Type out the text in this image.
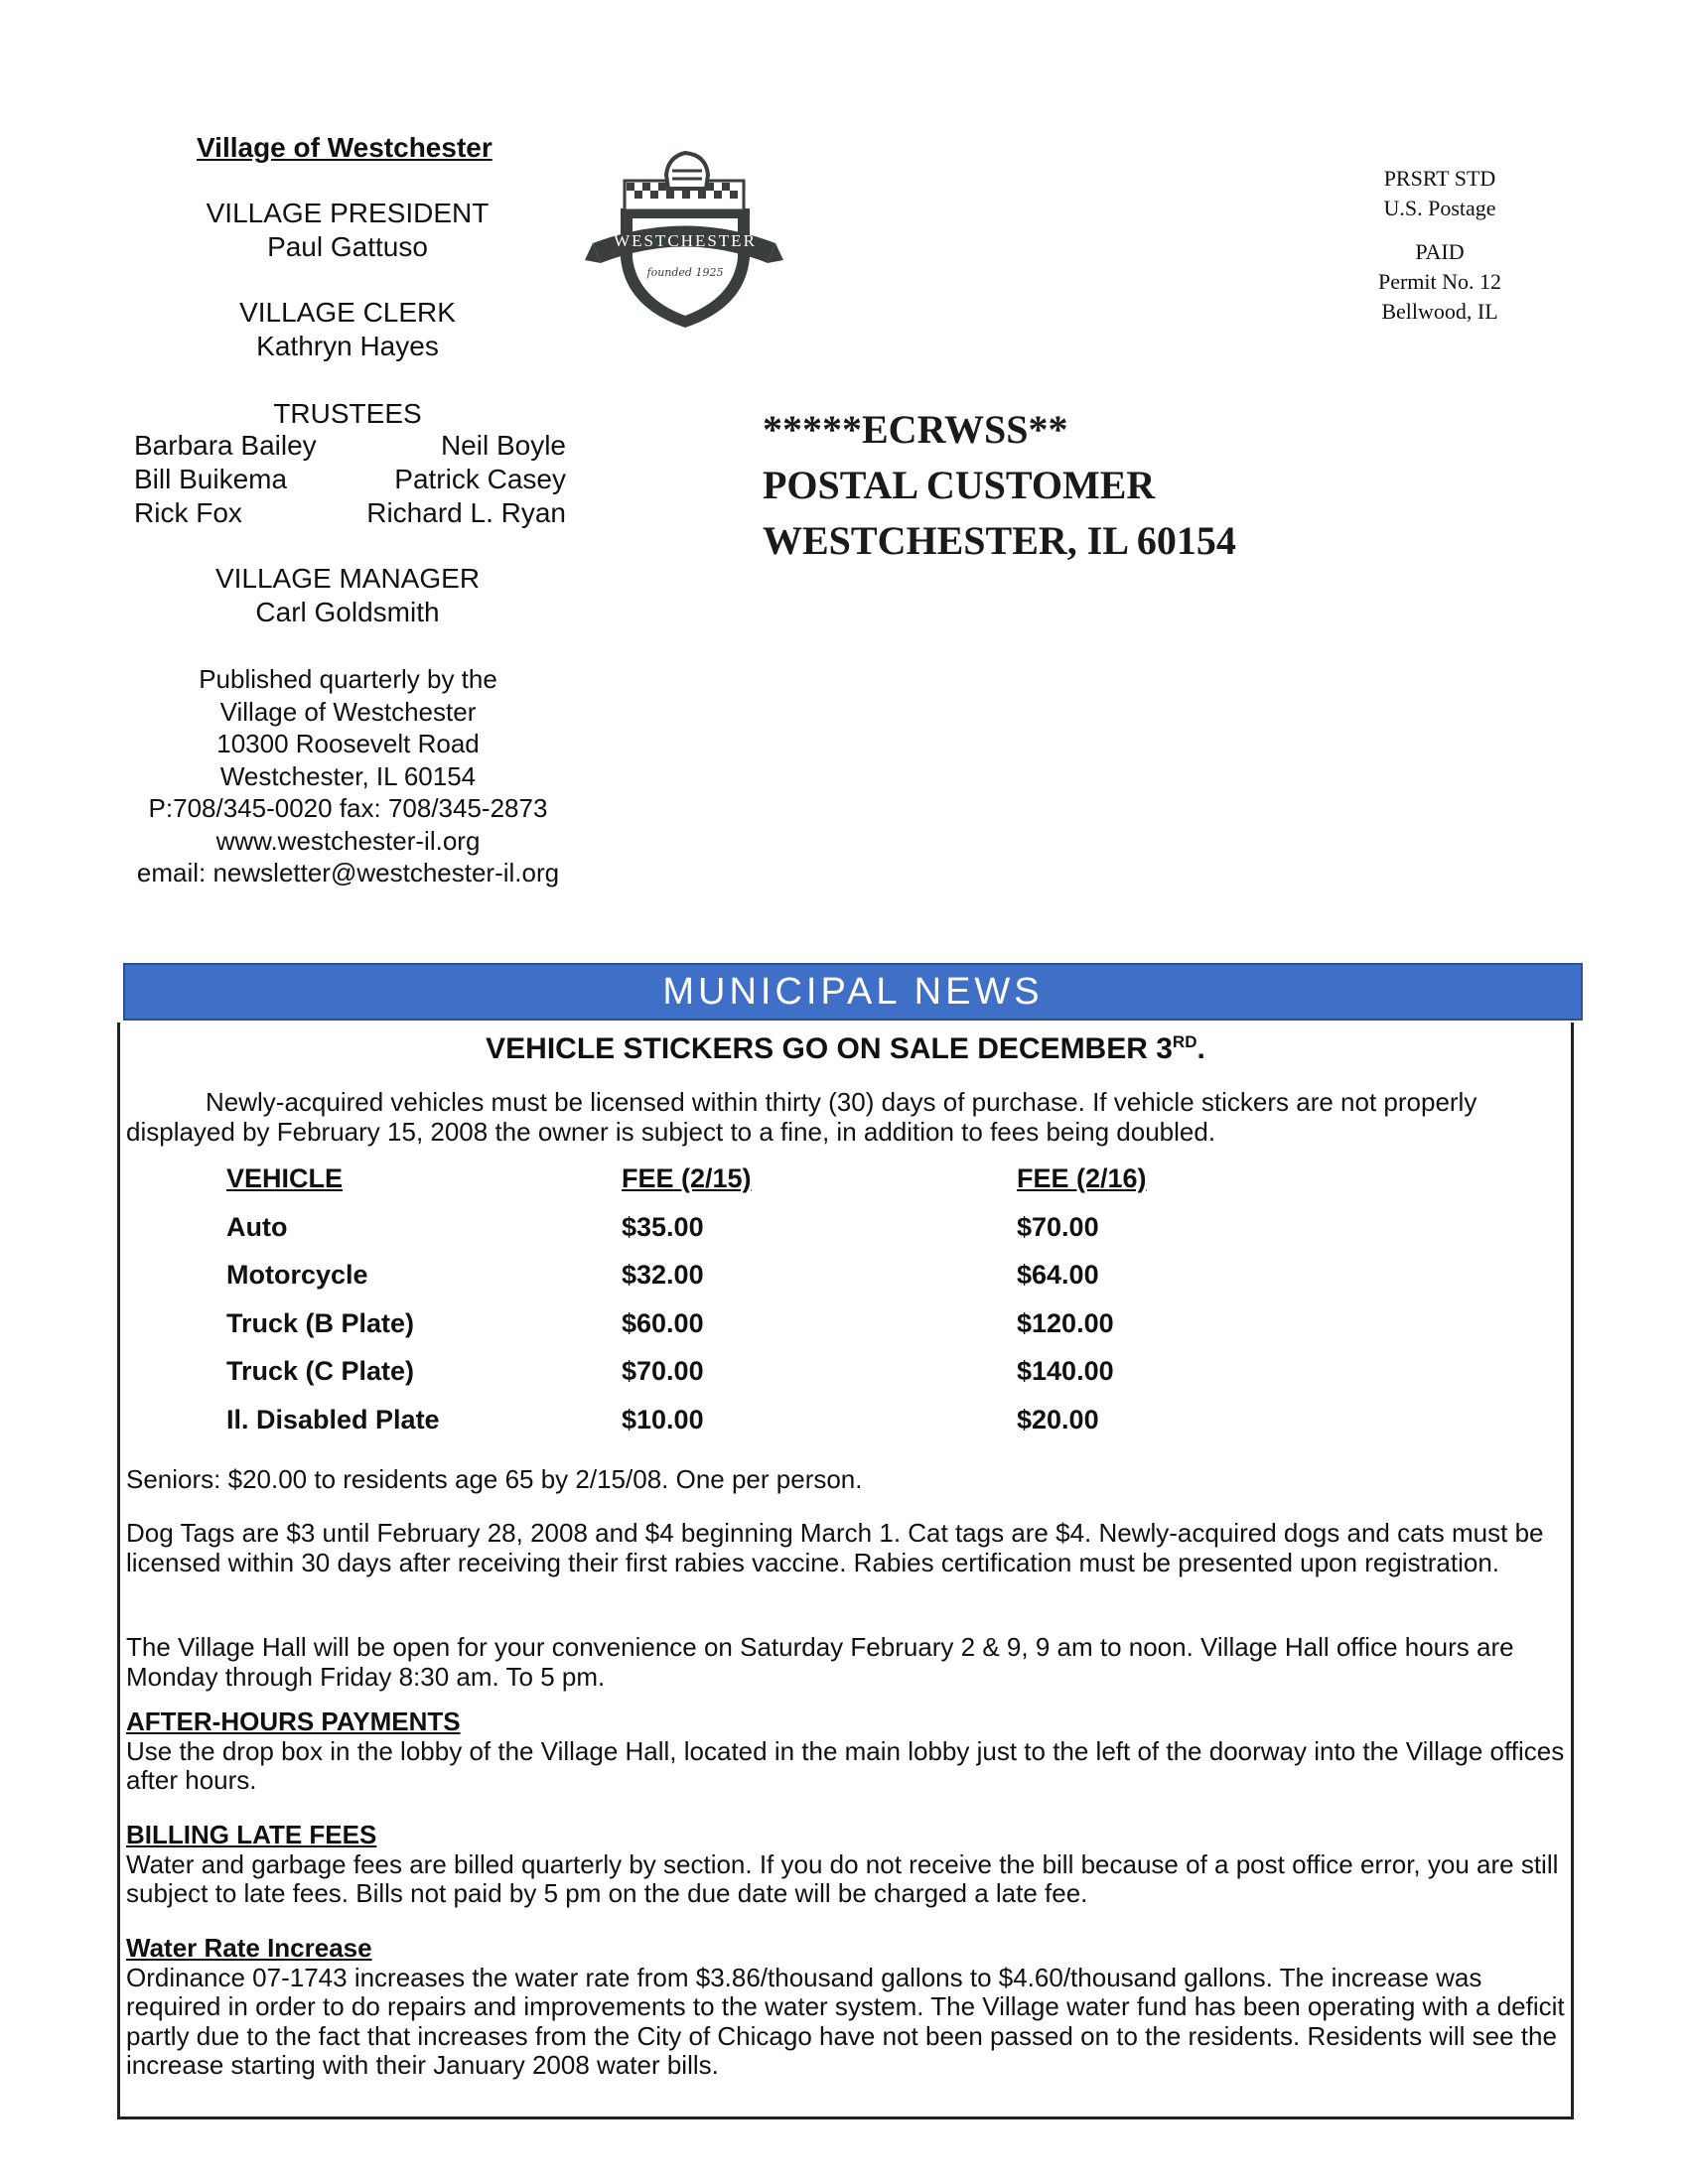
Village of Westchester
VILLAGE PRESIDENT
Paul Gattuso
VILLAGE CLERK
Kathryn Hayes
TRUSTEES
Barbara Bailey	Neil Boyle
Bill Buikema	Patrick Casey
Rick Fox	Richard L. Ryan
VILLAGE MANAGER
Carl Goldsmith
Published quarterly by the
Village of Westchester
10300 Roosevelt Road
Westchester, IL 60154
P:708/345-0020 fax: 708/345-2873
www.westchester-il.org
email: newsletter@westchester-il.org
WESTCHESTER
founded 1925
PRSRT STD
U.S. Postage
PAID
Permit No. 12
Bellwood, IL
*****ECRWSS**
POSTAL CUSTOMER
WESTCHESTER, IL 60154
MUNICIPAL NEWS
VEHICLE STICKERS GO ON SALE DECEMBER 3RD.
Newly-acquired vehicles must be licensed within thirty (30) days of purchase. If vehicle stickers are not properly displayed by February 15, 2008 the owner is subject to a fine, in addition to fees being doubled.
VEHICLE	FEE (2/15)	FEE (2/16)
Auto	$35.00	$70.00
Motorcycle	$32.00	$64.00
Truck (B Plate)	$60.00	$120.00
Truck (C Plate)	$70.00	$140.00
Il. Disabled Plate	$10.00	$20.00
Seniors: $20.00 to residents age 65 by 2/15/08. One per person.
Dog Tags are $3 until February 28, 2008 and $4 beginning March 1. Cat tags are $4. Newly-acquired dogs and cats must be licensed within 30 days after receiving their first rabies vaccine. Rabies certification must be presented upon registration.
The Village Hall will be open for your convenience on Saturday February 2 & 9, 9 am to noon. Village Hall office hours are Monday through Friday 8:30 am. To 5 pm.
AFTER-HOURS PAYMENTS
Use the drop box in the lobby of the Village Hall, located in the main lobby just to the left of the doorway into the Village offices after hours.
BILLING LATE FEES
Water and garbage fees are billed quarterly by section. If you do not receive the bill because of a post office error, you are still subject to late fees. Bills not paid by 5 pm on the due date will be charged a late fee.
Water Rate Increase
Ordinance 07-1743 increases the water rate from $3.86/thousand gallons to $4.60/thousand gallons. The increase was required in order to do repairs and improvements to the water system. The Village water fund has been operating with a deficit partly due to the fact that increases from the City of Chicago have not been passed on to the residents. Residents will see the increase starting with their January 2008 water bills.
